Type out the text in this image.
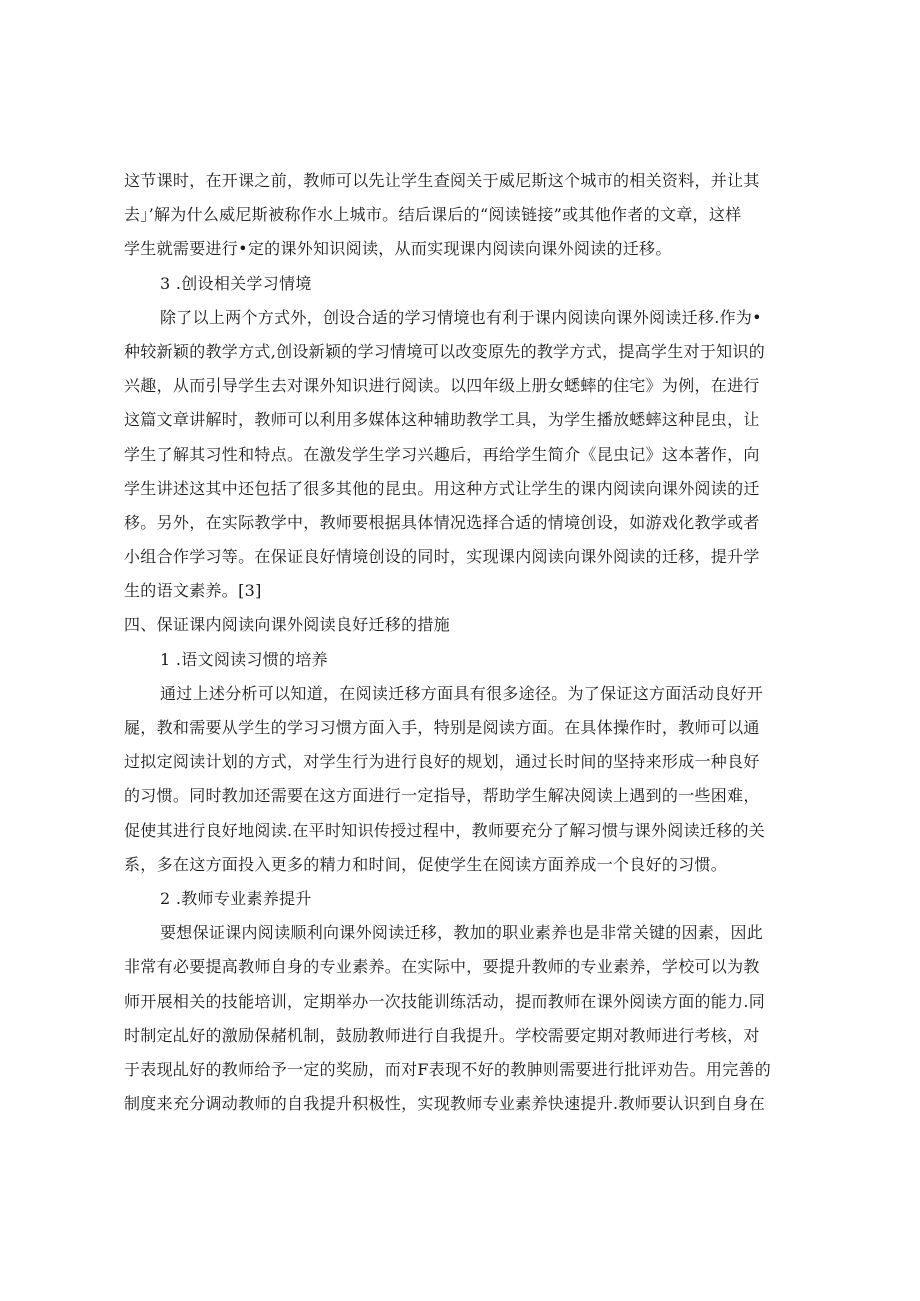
这节课时，在开课之前，教师可以先让学生查阅关于威尼斯这个城市的相关资料，并让其
去」’解为什么威尼斯被称作水上城市。结后课后的“阅读链接”或其他作者的文章，这样
学生就需要进行•定的课外知识阅读，从而实现课内阅读向课外阅读的迁移。
3 .创设相关学习情境
除了以上两个方式外，创设合适的学习情境也有利于课内阅读向课外阅读迁移.作为•
种较新颖的教学方式,创设新颖的学习情境可以改变原先的教学方式，提高学生对于知识的
兴趣，从而引导学生去对课外知识进行阅读。以四年级上册女蟋蟀的住宅》为例，在进行
这篇文章讲解时，教师可以利用多媒体这种辅助教学工具，为学生播放蟋蟀这种昆虫，让
学生了解其习性和特点。在激发学生学习兴趣后，再给学生简介《昆虫记》这本著作，向
学生讲述这其中还包括了很多其他的昆虫。用这种方式让学生的课内阅读向课外阅读的迁
移。另外，在实际教学中，教师要根据具体情况选择合适的情境创设，如游戏化教学或者
小组合作学习等。在保证良好情境创设的同时，实现课内阅读向课外阅读的迁移，提升学
生的语文素养。[3]
四、保证课内阅读向课外阅读良好迁移的措施
1 .语文阅读习惯的培养
通过上述分析可以知道，在阅读迁移方面具有很多途径。为了保证这方面活动良好开
屣，教和需要从学生的学习习惯方面入手，特别是阅读方面。在具体操作时，教师可以通
过拟定阅读计划的方式，对学生行为进行良好的规划，通过长时间的坚持来形成一种良好
的习惯。同时教加还需要在这方面进行一定指导，帮助学生解决阅读上遇到的一些困难，
促使其进行良好地阅读.在平时知识传授过程中，教师要充分了解习惯与课外阅读迁移的关
系，多在这方面投入更多的精力和时间，促使学生在阅读方面养成一个良好的习惯。
2 .教师专业素养提升
要想保证课内阅读顺利向课外阅读迁移，教加的职业素养也是非常关键的因素，因此
非常有必要提高教师自身的专业素养。在实际中，要提升教师的专业素养，学校可以为教
师开展相关的技能培训，定期举办一次技能训练活动，提而教师在课外阅读方面的能力.同
时制定乩好的激励保赭机制，鼓励教师进行自我提升。学校需要定期对教师进行考核，对
于表现乩好的教师给予一定的奖励，而对F表现不好的教胂则需要进行批评劝告。用完善的
制度来充分调动教师的自我提升积极性，实现教师专业素养快速提升.教师要认识到自身在
